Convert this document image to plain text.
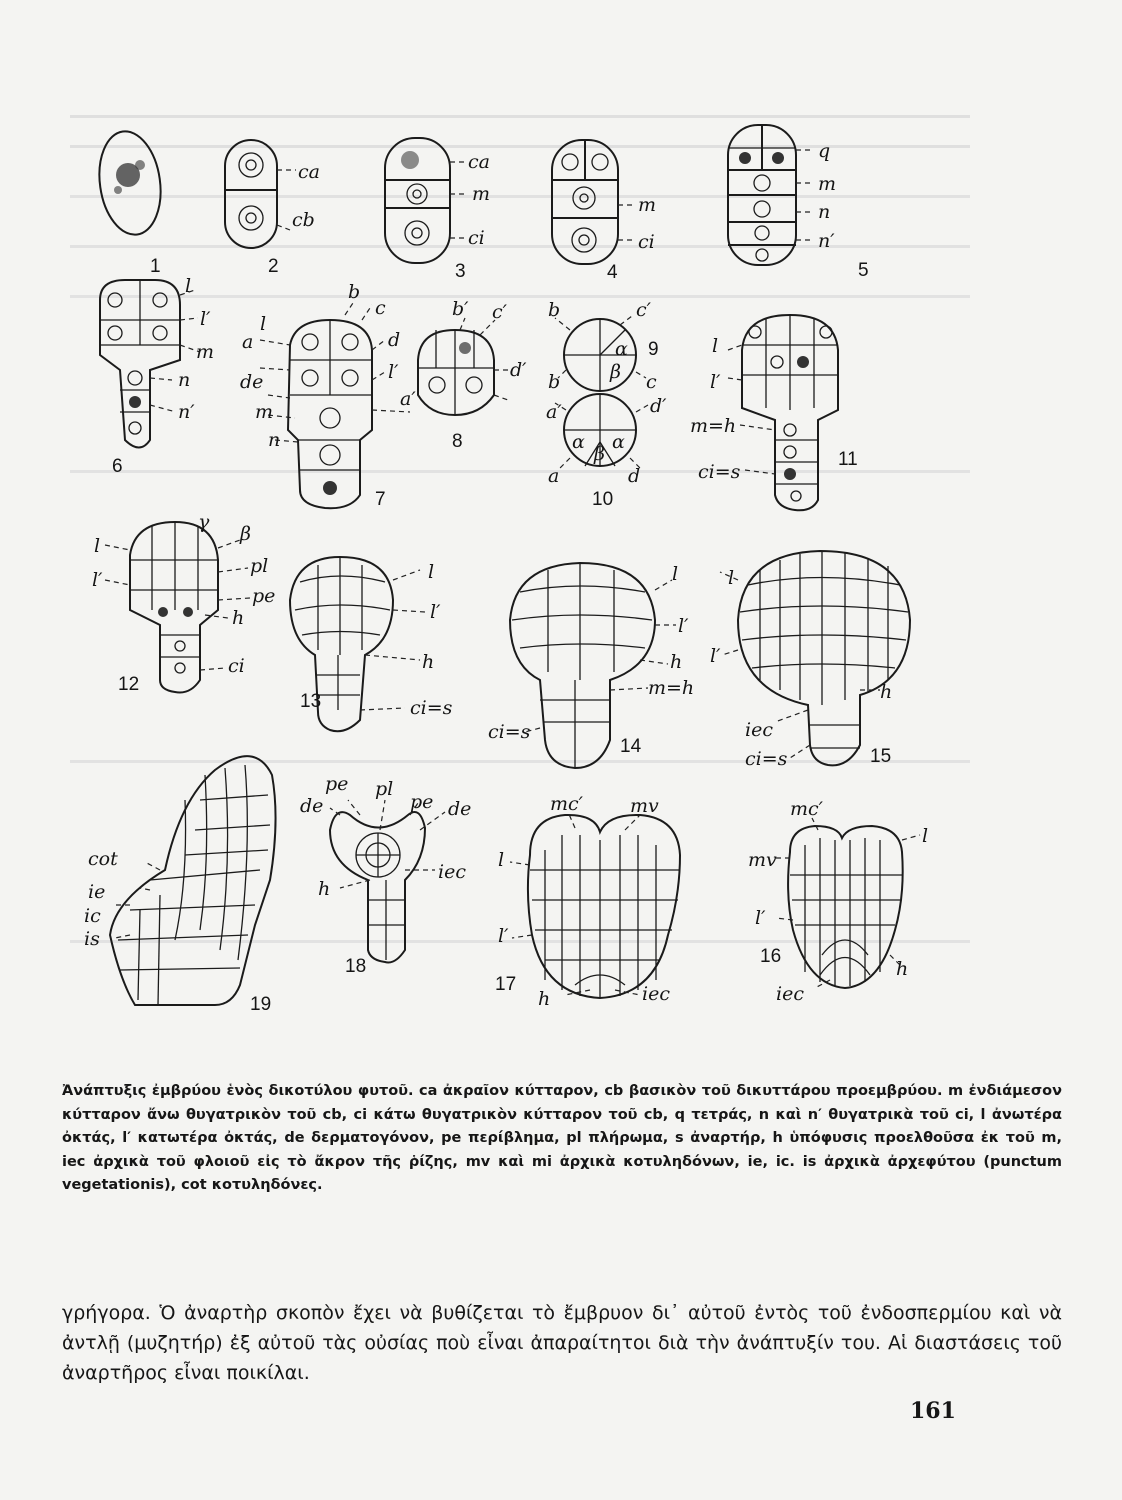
1
ca
cb
2
ca
m
ci
3
m
ci
4
q
m
n
n′
5
l
l′
m
n
n′
6
a
l
de
m
n
b
c
d
l′
a′
7
b′ c′
d′
8
b	c′
α
β
b	c
9
a′	d′
α
β
α
a	d
10
l
l′
m=h
ci=s
11
γ
β
l
l′
pl
pe
h
ci
12
l
l′
h
ci=s
13
l
l′
h
m=h
ci=s
14
l
l′
h
iec
ci=s	15
cot
ie
ic
is
19
de
pe pl
pe de
iec
h
18
mc′ mv
l
l′
h	iec
17
mc′
mv
l
l′
h
iec
16

Ἀνάπτυξις ἐμβρύου ἑνὸς δικοτύλου φυτοῦ. ca ἀκραῖον κύτταρον, cb βασικὸν τοῦ δικυττάρου προεμβρύου. m ἐνδιάμεσον κύτταρον ἄνω θυγατρικὸν τοῦ cb, ci κάτω θυγατρικὸν κύτταρον τοῦ cb, q τετράς, n καὶ n′ θυγατρικὰ τοῦ ci, l ἀνωτέρα ὀκτάς, l′ κατωτέρα ὀκτάς, de δερματογόνον, pe περίβλημα, pl πλήρωμα, s ἀναρτήρ, h ὑπόφυσις προελθοῦσα ἐκ τοῦ m, iec ἀρχικὰ τοῦ φλοιοῦ εἰς τὸ ἄκρον τῆς ῥίζης, mv καὶ mi ἀρχικὰ κοτυληδόνων, ie, ic. is ἀρχικὰ ἀρχεφύτου (punctum vegetationis), cot κοτυληδόνες.

γρήγορα. Ὁ ἀναρτὴρ σκοπὸν ἔχει νὰ βυθίζεται τὸ ἔμβρυον δι᾽ αὐτοῦ ἐντὸς τοῦ ἐνδοσπερμίου καὶ νὰ ἀντλῇ (μυζητήρ) ἐξ αὐτοῦ τὰς οὐσίας ποὺ εἶναι ἀπαραίτητοι διὰ τὴν ἀνάπτυξίν του. Αἱ διαστάσεις τοῦ ἀναρτῆρος εἶναι ποικίλαι.

161
